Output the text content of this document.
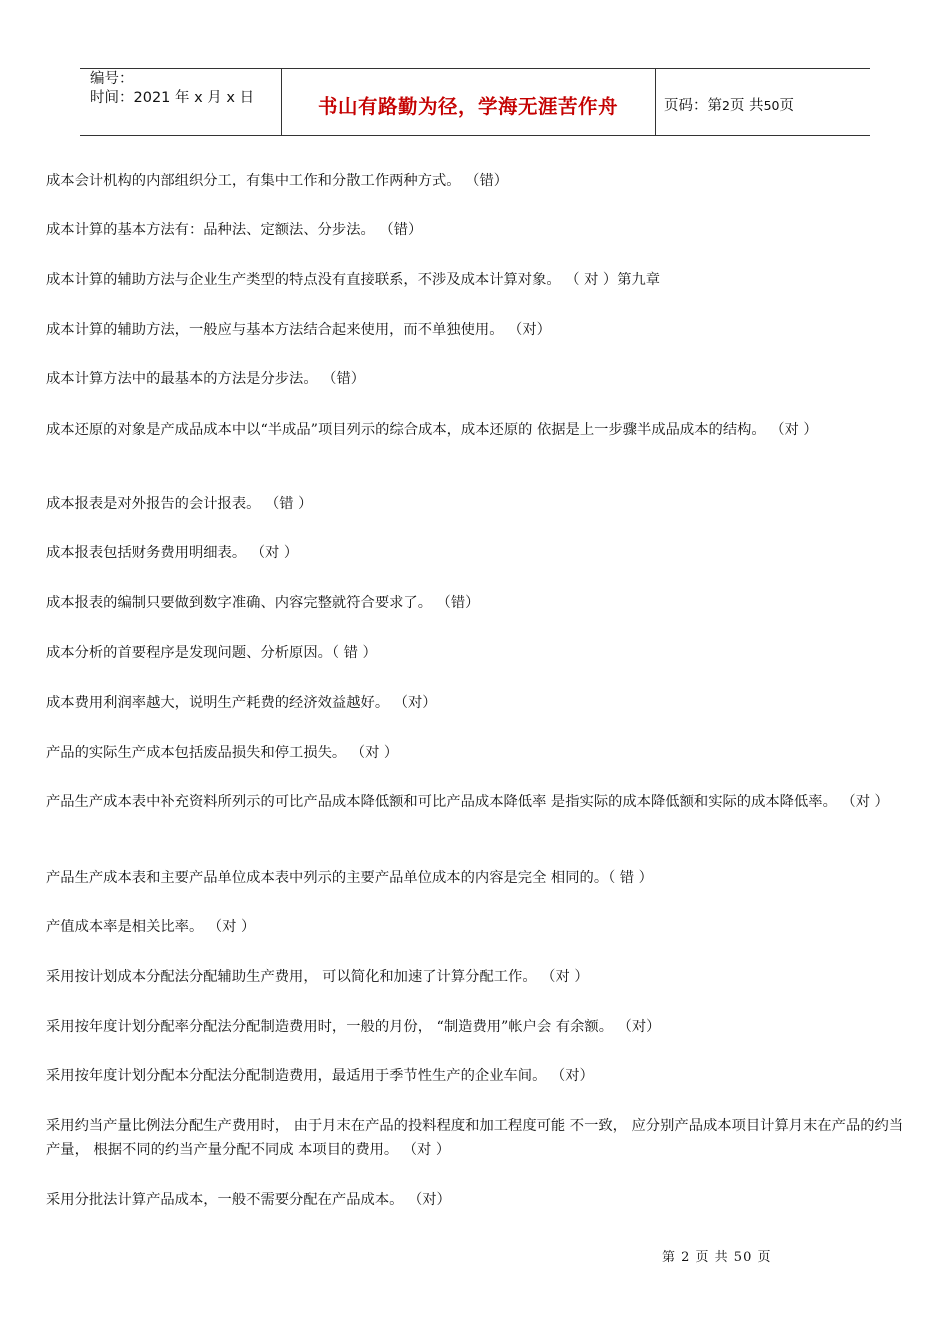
编号：
时间：2021 年 x 月 x 日	书山有路勤为径，学海无涯苦作舟	页码：第2页 共50页

成本会计机构的内部组织分工，有集中工作和分散工作两种方式。 （错）

成本计算的基本方法有：品种法、定额法、分步法。 （错）

成本计算的辅助方法与企业生产类型的特点没有直接联系，不涉及成本计算对象。 （ 对 ）第九章

成本计算的辅助方法，一般应与基本方法结合起来使用，而不单独使用。 （对）

成本计算方法中的最基本的方法是分步法。 （错）

成本还原的对象是产成品成本中以“半成品”项目列示的综合成本，成本还原的 依据是上一步骤半成品成本的结构。 （对 ）

成本报表是对外报告的会计报表。 （错 ）

成本报表包括财务费用明细表。 （对 ）

成本报表的编制只要做到数字准确、内容完整就符合要求了。 （错）

成本分析的首要程序是发现问题、分析原因。（ 错 ）

成本费用利润率越大，说明生产耗费的经济效益越好。 （对）

产品的实际生产成本包括废品损失和停工损失。 （对 ）

产品生产成本表中补充资料所列示的可比产品成本降低额和可比产品成本降低率 是指实际的成本降低额和实际的成本降低率。 （对 ）

产品生产成本表和主要产品单位成本表中列示的主要产品单位成本的内容是完全 相同的。（ 错 ）

产值成本率是相关比率。 （对 ）

采用按计划成本分配法分配辅助生产费用， 可以简化和加速了计算分配工作。 （对 ）

采用按年度计划分配率分配法分配制造费用时，一般的月份， “制造费用”帐户会 有余额。 （对）

采用按年度计划分配本分配法分配制造费用，最适用于季节性生产的企业车间。 （对）

采用约当产量比例法分配生产费用时， 由于月末在产品的投料程度和加工程度可能 不一致， 应分别产品成本项目计算月末在产品的约当产量， 根据不同的约当产量分配不同成 本项目的费用。 （对 ）

采用分批法计算产品成本，一般不需要分配在产品成本。 （对）

第 2 页 共 50 页
